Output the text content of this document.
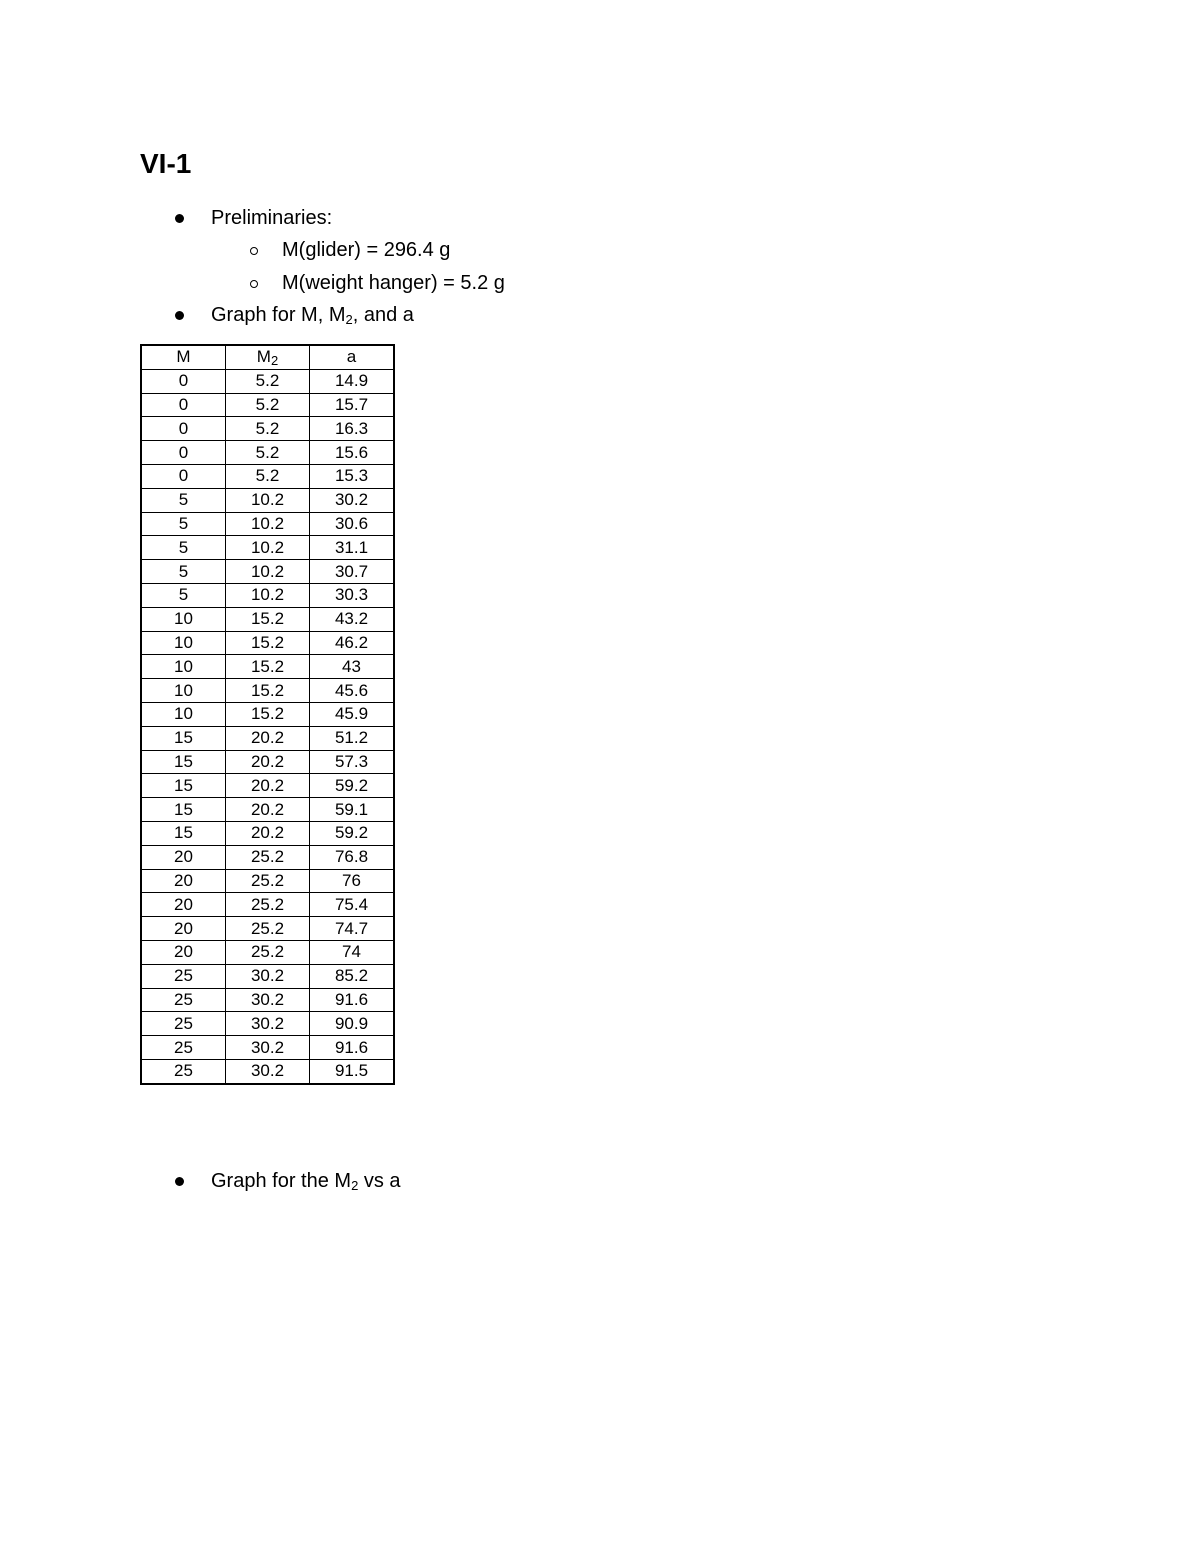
VI-1
Preliminaries:
M(glider) = 296.4 g
M(weight hanger) = 5.2 g
Graph for M, $M_2$, and a
M	$M_2$	a
0	5.2	14.9
0	5.2	15.7
0	5.2	16.3
0	5.2	15.6
0	5.2	15.3
5	10.2	30.2
5	10.2	30.6
5	10.2	31.1
5	10.2	30.7
5	10.2	30.3
10	15.2	43.2
10	15.2	46.2
10	15.2	43
10	15.2	45.6
10	15.2	45.9
15	20.2	51.2
15	20.2	57.3
15	20.2	59.2
15	20.2	59.1
15	20.2	59.2
20	25.2	76.8
20	25.2	76
20	25.2	75.4
20	25.2	74.7
20	25.2	74
25	30.2	85.2
25	30.2	91.6
25	30.2	90.9
25	30.2	91.6
25	30.2	91.5
Graph for the $M_2$ vs a
